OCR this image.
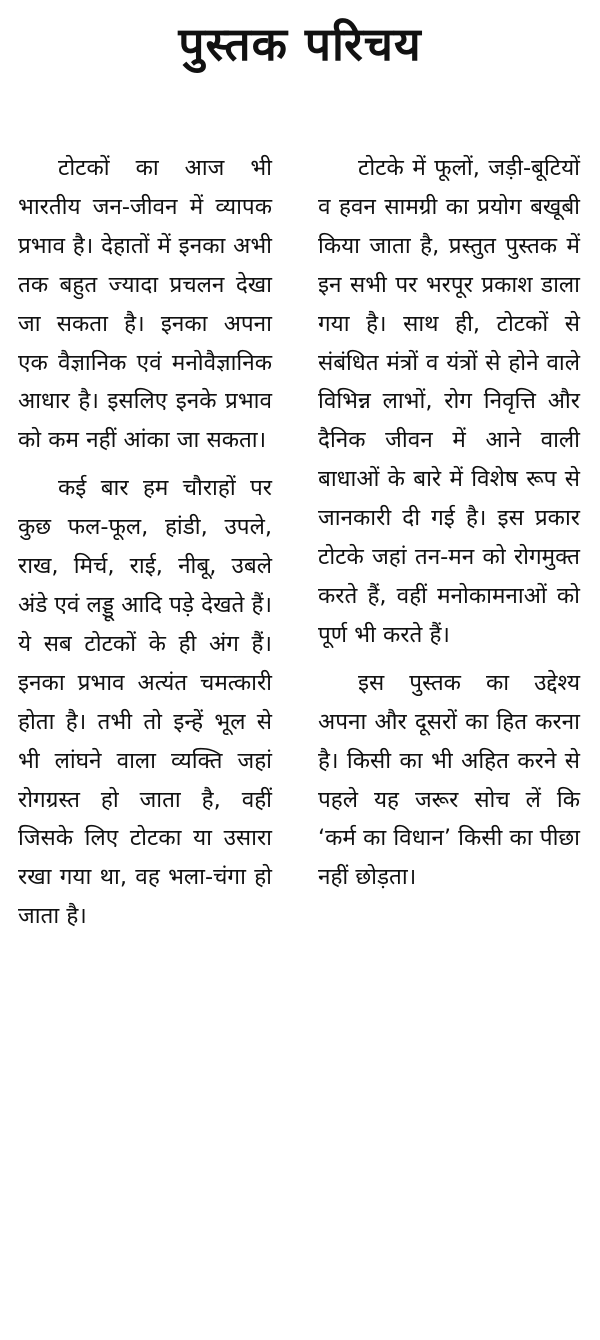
पुस्तक परिचय

टोटकों का आज भी भारतीय जन-जीवन में व्यापक प्रभाव है। देहातों में इनका अभी तक बहुत ज्यादा प्रचलन देखा जा सकता है। इनका अपना एक वैज्ञानिक एवं मनोवैज्ञानिक आधार है। इसलिए इनके प्रभाव को कम नहीं आंका जा सकता।

कई बार हम चौराहों पर कुछ फल-फूल, हांडी, उपले, राख, मिर्च, राई, नीबू, उबले अंडे एवं लड्डू आदि पड़े देखते हैं। ये सब टोटकों के ही अंग हैं। इनका प्रभाव अत्यंत चमत्कारी होता है। तभी तो इन्हें भूल से भी लांघने वाला व्यक्ति जहां रोगग्रस्त हो जाता है, वहीं जिसके लिए टोटका या उसारा रखा गया था, वह भला-चंगा हो जाता है।

टोटके में फूलों, जड़ी-बूटियों व हवन सामग्री का प्रयोग बखूबी किया जाता है, प्रस्तुत पुस्तक में इन सभी पर भरपूर प्रकाश डाला गया है। साथ ही, टोटकों से संबंधित मंत्रों व यंत्रों से होने वाले विभिन्न लाभों, रोग निवृत्ति और दैनिक जीवन में आने वाली बाधाओं के बारे में विशेष रूप से जानकारी दी गई है। इस प्रकार टोटके जहां तन-मन को रोगमुक्त करते हैं, वहीं मनोकामनाओं को पूर्ण भी करते हैं।

इस पुस्तक का उद्देश्य अपना और दूसरों का हित करना है। किसी का भी अहित करने से पहले यह जरूर सोच लें कि ‘कर्म का विधान’ किसी का पीछा नहीं छोड़ता।
